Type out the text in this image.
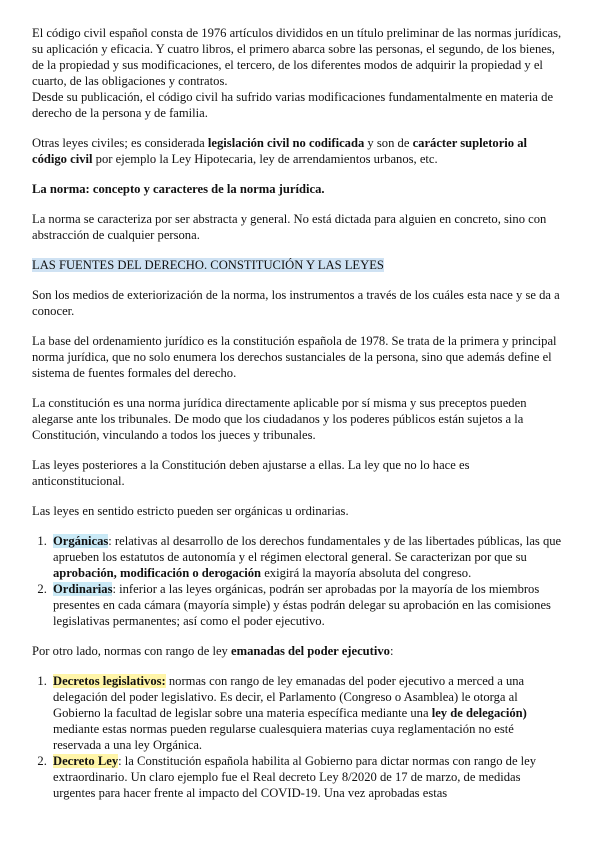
El código civil español consta de 1976 artículos divididos en un título preliminar de las normas jurídicas, su aplicación y eficacia. Y cuatro libros, el primero abarca sobre las personas, el segundo, de los bienes, de la propiedad y sus modificaciones, el tercero, de los diferentes modos de adquirir la propiedad y el cuarto, de las obligaciones y contratos.

Desde su publicación, el código civil ha sufrido varias modificaciones fundamentalmente en materia de derecho de la persona y de familia.

Otras leyes civiles; es considerada legislación civil no codificada y son de carácter supletorio al código civil por ejemplo la Ley Hipotecaria, ley de arrendamientos urbanos, etc.

La norma: concepto y caracteres de la norma jurídica.

La norma se caracteriza por ser abstracta y general. No está dictada para alguien en concreto, sino con abstracción de cualquier persona.

LAS FUENTES DEL DERECHO. CONSTITUCIÓN Y LAS LEYES

Son los medios de exteriorización de la norma, los instrumentos a través de los cuáles esta nace y se da a conocer.

La base del ordenamiento jurídico es la constitución española de 1978. Se trata de la primera y principal norma jurídica, que no solo enumera los derechos sustanciales de la persona, sino que además define el sistema de fuentes formales del derecho.

La constitución es una norma jurídica directamente aplicable por sí misma y sus preceptos pueden alegarse ante los tribunales. De modo que los ciudadanos y los poderes públicos están sujetos a la Constitución, vinculando a todos los jueces y tribunales.

Las leyes posteriores a la Constitución deben ajustarse a ellas. La ley que no lo hace es anticonstitucional.

Las leyes en sentido estricto pueden ser orgánicas u ordinarias.

1. Orgánicas: relativas al desarrollo de los derechos fundamentales y de las libertades públicas, las que aprueben los estatutos de autonomía y el régimen electoral general. Se caracterizan por que su aprobación, modificación o derogación exigirá la mayoría absoluta del congreso.
2. Ordinarias: inferior a las leyes orgánicas, podrán ser aprobadas por la mayoría de los miembros presentes en cada cámara (mayoría simple) y éstas podrán delegar su aprobación en las comisiones legislativas permanentes; así como el poder ejecutivo.

Por otro lado, normas con rango de ley emanadas del poder ejecutivo:

1. Decretos legislativos: normas con rango de ley emanadas del poder ejecutivo a merced a una delegación del poder legislativo. Es decir, el Parlamento (Congreso o Asamblea) le otorga al Gobierno la facultad de legislar sobre una materia específica mediante una ley de delegación) mediante estas normas pueden regularse cualesquiera materias cuya reglamentación no esté reservada a una ley Orgánica.
2. Decreto Ley: la Constitución española habilita al Gobierno para dictar normas con rango de ley extraordinario. Un claro ejemplo fue el Real decreto Ley 8/2020 de 17 de marzo, de medidas urgentes para hacer frente al impacto del COVID-19. Una vez aprobadas estas
